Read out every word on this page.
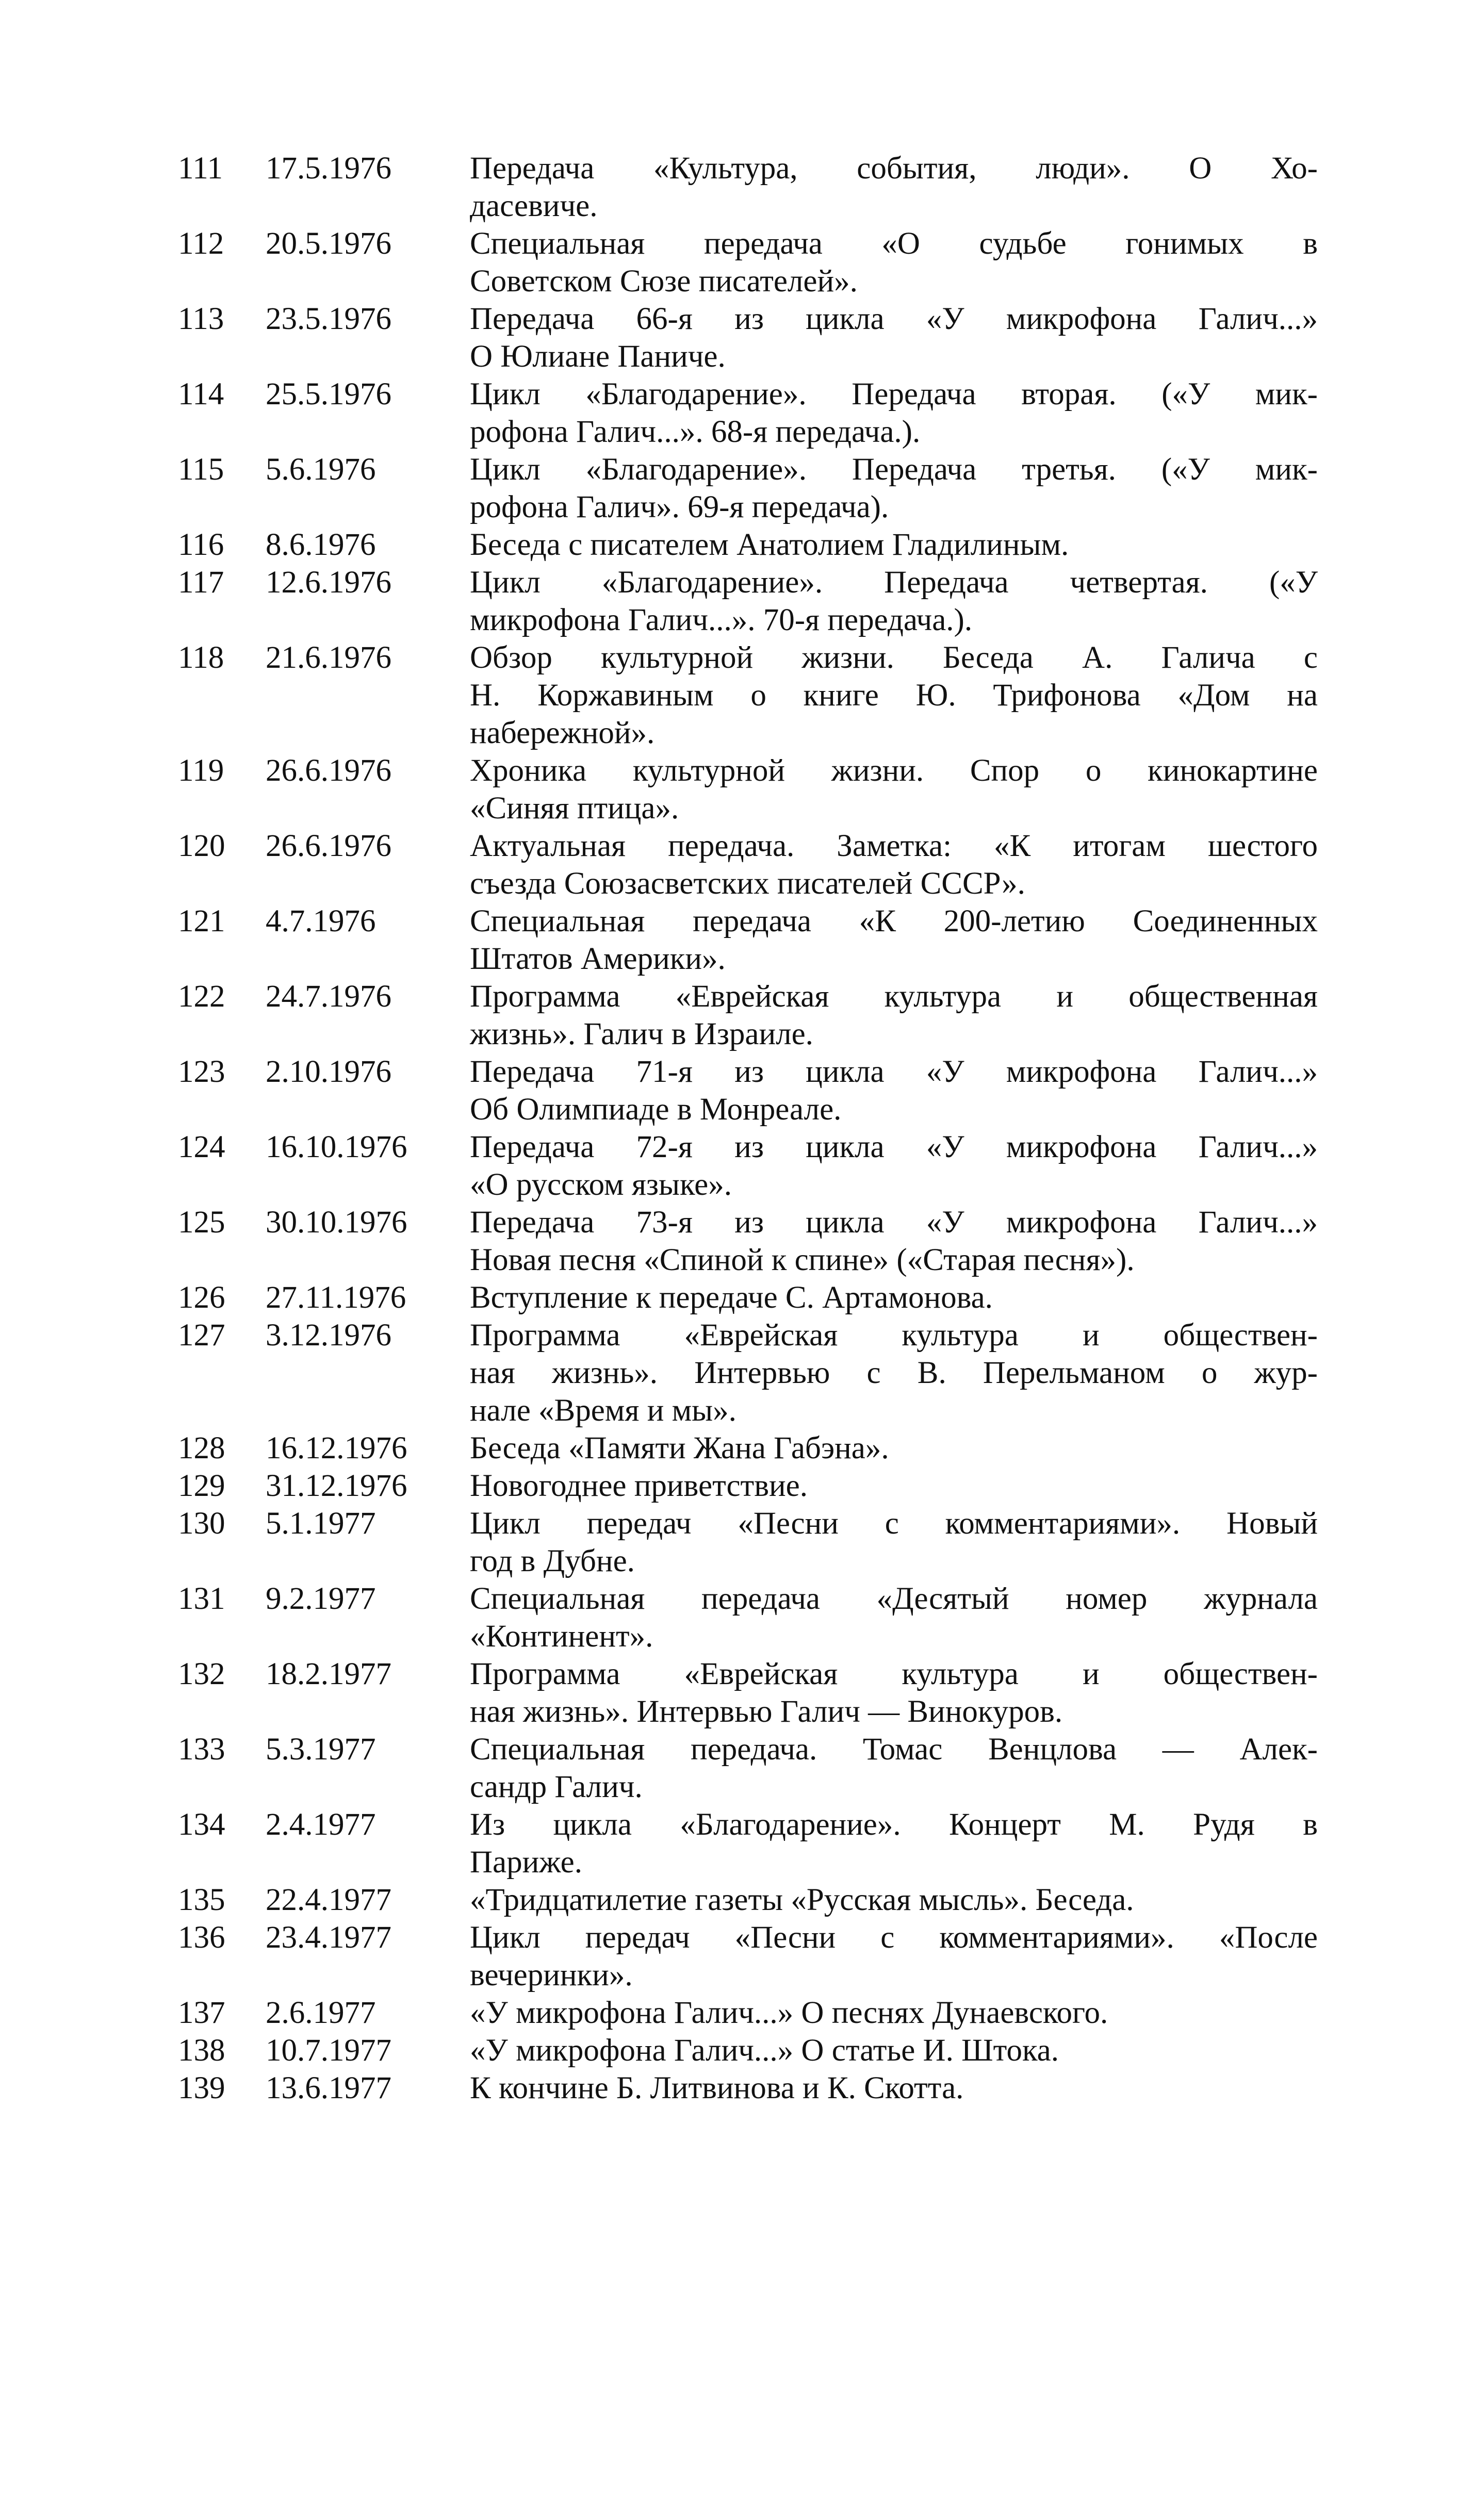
111	17.5.1976	Передача «Культура, события, люди». О Хо-
дасевиче.
112	20.5.1976	Специальная передача «О судьбе гонимых в
Советском Сюзе писателей».
113	23.5.1976	Передача 66-я из цикла «У микрофона Галич...»
О Юлиане Паниче.
114	25.5.1976	Цикл «Благодарение». Передача вторая. («У мик-
рофона Галич...». 68-я передача.).
115	5.6.1976	Цикл «Благодарение». Передача третья. («У мик-
рофона Галич». 69-я передача).
116	8.6.1976	Беседа с писателем Анатолием Гладилиным.
117	12.6.1976	Цикл «Благодарение». Передача четвертая. («У
микрофона Галич...». 70-я передача.).
118	21.6.1976	Обзор культурной жизни. Беседа А. Галича с
Н. Коржавиным о книге Ю. Трифонова «Дом на
набережной».
119	26.6.1976	Хроника культурной жизни. Спор о кинокартине
«Синяя птица».
120	26.6.1976	Актуальная передача. Заметка: «К итогам шестого
съезда Союзасветских писателей СССР».
121	4.7.1976	Специальная передача «К 200-летию Соединенных
Штатов Америки».
122	24.7.1976	Программа «Еврейская культура и общественная
жизнь». Галич в Израиле.
123	2.10.1976	Передача 71-я из цикла «У микрофона Галич...»
Об Олимпиаде в Монреале.
124	16.10.1976	Передача 72-я из цикла «У микрофона Галич...»
«О русском языке».
125	30.10.1976	Передача 73-я из цикла «У микрофона Галич...»
Новая песня «Спиной к спине» («Старая песня»).
126	27.11.1976	Вступление к передаче С. Артамонова.
127	3.12.1976	Программа «Еврейская культура и обществен-
ная жизнь». Интервью с В. Перельманом о жур-
нале «Время и мы».
128	16.12.1976	Беседа «Памяти Жана Габэна».
129	31.12.1976	Новогоднее приветствие.
130	5.1.1977	Цикл передач «Песни с комментариями». Новый
год в Дубне.
131	9.2.1977	Специальная передача «Десятый номер журнала
«Континент».
132	18.2.1977	Программа «Еврейская культура и обществен-
ная жизнь». Интервью Галич — Винокуров.
133	5.3.1977	Специальная передача. Томас Венцлова — Алек-
сандр Галич.
134	2.4.1977	Из цикла «Благодарение». Концерт М. Рудя в
Париже.
135	22.4.1977	«Тридцатилетие газеты «Русская мысль». Беседа.
136	23.4.1977	Цикл передач «Песни с комментариями». «После
вечеринки».
137	2.6.1977	«У микрофона Галич...» О песнях Дунаевского.
138	10.7.1977	«У микрофона Галич...» О статье И. Штока.
139	13.6.1977	К кончине Б. Литвинова и К. Скотта.
